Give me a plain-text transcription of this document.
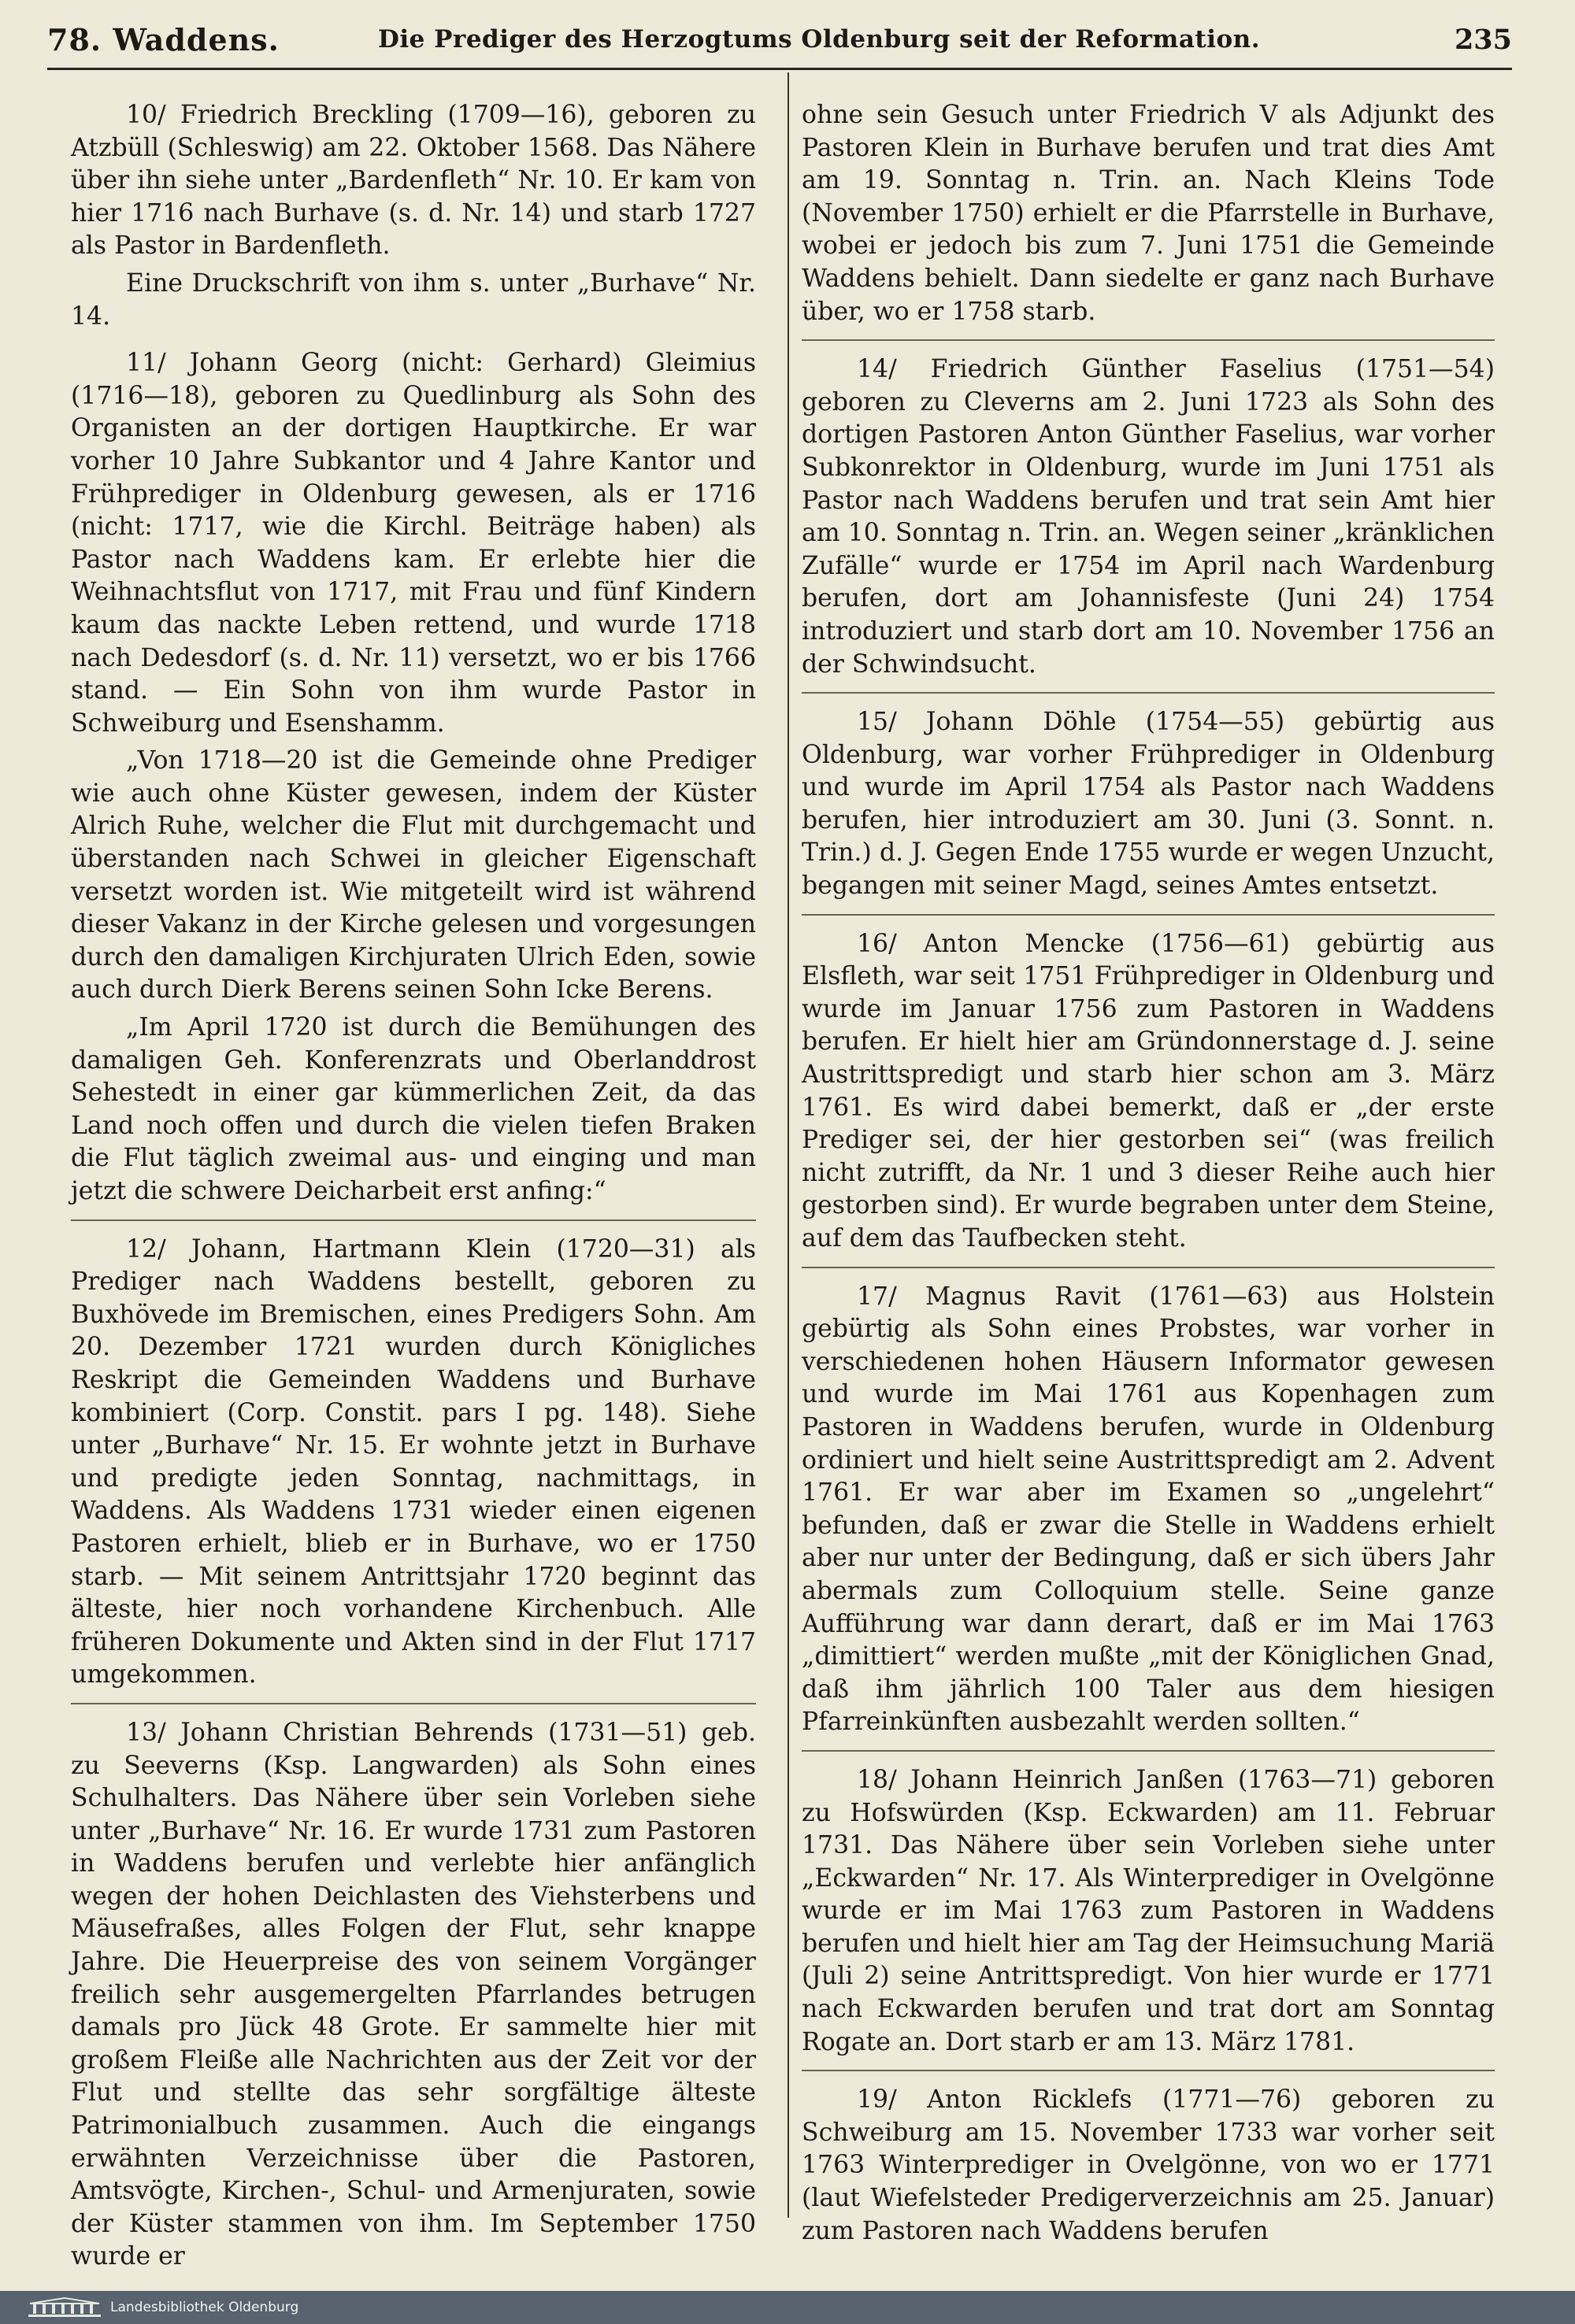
78. Waddens.	Die Prediger des Herzogtums Oldenburg seit der Reformation.	235

10/ Friedrich Breckling (1709—16), geboren zu Atzbüll (Schleswig) am 22. Oktober 1568. Das Nähere über ihn siehe unter „Bardenfleth“ Nr. 10. Er kam von hier 1716 nach Burhave (s. d. Nr. 14) und starb 1727 als Pastor in Bardenfleth.

Eine Druckschrift von ihm s. unter „Burhave“ Nr. 14.

11/ Johann Georg (nicht: Gerhard) Gleimius (1716—18), geboren zu Quedlinburg als Sohn des Organisten an der dortigen Hauptkirche. Er war vorher 10 Jahre Subkantor und 4 Jahre Kantor und Frühprediger in Oldenburg gewesen, als er 1716 (nicht: 1717, wie die Kirchl. Beiträge haben) als Pastor nach Waddens kam. Er erlebte hier die Weihnachtsflut von 1717, mit Frau und fünf Kindern kaum das nackte Leben rettend, und wurde 1718 nach Dedesdorf (s. d. Nr. 11) versetzt, wo er bis 1766 stand. — Ein Sohn von ihm wurde Pastor in Schweiburg und Esenshamm.

„Von 1718—20 ist die Gemeinde ohne Prediger wie auch ohne Küster gewesen, indem der Küster Alrich Ruhe, welcher die Flut mit durchgemacht und überstanden nach Schwei in gleicher Eigenschaft versetzt worden ist. Wie mitgeteilt wird ist während dieser Vakanz in der Kirche gelesen und vorgesungen durch den damaligen Kirchjuraten Ulrich Eden, sowie auch durch Dierk Berens seinen Sohn Icke Berens.

„Im April 1720 ist durch die Bemühungen des damaligen Geh. Konferenzrats und Oberlanddrost Sehestedt in einer gar kümmerlichen Zeit, da das Land noch offen und durch die vielen tiefen Braken die Flut täglich zweimal aus- und einging und man jetzt die schwere Deicharbeit erst anfing:“

12/ Johann, Hartmann Klein (1720—31) als Prediger nach Waddens bestellt, geboren zu Buxhövede im Bremischen, eines Predigers Sohn. Am 20. Dezember 1721 wurden durch Königliches Reskript die Gemeinden Waddens und Burhave kombiniert (Corp. Constit. pars I pg. 148). Siehe unter „Burhave“ Nr. 15. Er wohnte jetzt in Burhave und predigte jeden Sonntag, nachmittags, in Waddens. Als Waddens 1731 wieder einen eigenen Pastoren erhielt, blieb er in Burhave, wo er 1750 starb. — Mit seinem Antrittsjahr 1720 beginnt das älteste, hier noch vorhandene Kirchenbuch. Alle früheren Dokumente und Akten sind in der Flut 1717 umgekommen.

13/ Johann Christian Behrends (1731—51) geb. zu Seeverns (Ksp. Langwarden) als Sohn eines Schulhalters. Das Nähere über sein Vorleben siehe unter „Burhave“ Nr. 16. Er wurde 1731 zum Pastoren in Waddens berufen und verlebte hier anfänglich wegen der hohen Deichlasten des Viehsterbens und Mäusefraßes, alles Folgen der Flut, sehr knappe Jahre. Die Heuerpreise des von seinem Vorgänger freilich sehr ausgemergelten Pfarrlandes betrugen damals pro Jück 48 Grote. Er sammelte hier mit großem Fleiße alle Nachrichten aus der Zeit vor der Flut und stellte das sehr sorgfältige älteste Patrimonialbuch zusammen. Auch die eingangs erwähnten Verzeichnisse über die Pastoren, Amtsvögte, Kirchen-, Schul- und Armenjuraten, sowie der Küster stammen von ihm. Im September 1750 wurde er

ohne sein Gesuch unter Friedrich V als Adjunkt des Pastoren Klein in Burhave berufen und trat dies Amt am 19. Sonntag n. Trin. an. Nach Kleins Tode (November 1750) erhielt er die Pfarrstelle in Burhave, wobei er jedoch bis zum 7. Juni 1751 die Gemeinde Waddens behielt. Dann siedelte er ganz nach Burhave über, wo er 1758 starb.

14/ Friedrich Günther Faselius (1751—54) geboren zu Cleverns am 2. Juni 1723 als Sohn des dortigen Pastoren Anton Günther Faselius, war vorher Subkonrektor in Oldenburg, wurde im Juni 1751 als Pastor nach Waddens berufen und trat sein Amt hier am 10. Sonntag n. Trin. an. Wegen seiner „kränklichen Zufälle“ wurde er 1754 im April nach Wardenburg berufen, dort am Johannisfeste (Juni 24) 1754 introduziert und starb dort am 10. November 1756 an der Schwindsucht.

15/ Johann Döhle (1754—55) gebürtig aus Oldenburg, war vorher Frühprediger in Oldenburg und wurde im April 1754 als Pastor nach Waddens berufen, hier introduziert am 30. Juni (3. Sonnt. n. Trin.) d. J. Gegen Ende 1755 wurde er wegen Unzucht, begangen mit seiner Magd, seines Amtes entsetzt.

16/ Anton Mencke (1756—61) gebürtig aus Elsfleth, war seit 1751 Frühprediger in Oldenburg und wurde im Januar 1756 zum Pastoren in Waddens berufen. Er hielt hier am Gründonnerstage d. J. seine Austrittspredigt und starb hier schon am 3. März 1761. Es wird dabei bemerkt, daß er „der erste Prediger sei, der hier gestorben sei“ (was freilich nicht zutrifft, da Nr. 1 und 3 dieser Reihe auch hier gestorben sind). Er wurde begraben unter dem Steine, auf dem das Taufbecken steht.

17/ Magnus Ravit (1761—63) aus Holstein gebürtig als Sohn eines Probstes, war vorher in verschiedenen hohen Häusern Informator gewesen und wurde im Mai 1761 aus Kopenhagen zum Pastoren in Waddens berufen, wurde in Oldenburg ordiniert und hielt seine Austrittspredigt am 2. Advent 1761. Er war aber im Examen so „ungelehrt“ befunden, daß er zwar die Stelle in Waddens erhielt aber nur unter der Bedingung, daß er sich übers Jahr abermals zum Colloquium stelle. Seine ganze Aufführung war dann derart, daß er im Mai 1763 „dimittiert“ werden mußte „mit der Königlichen Gnad, daß ihm jährlich 100 Taler aus dem hiesigen Pfarreinkünften ausbezahlt werden sollten.“

18/ Johann Heinrich Janßen (1763—71) geboren zu Hofswürden (Ksp. Eckwarden) am 11. Februar 1731. Das Nähere über sein Vorleben siehe unter „Eckwarden“ Nr. 17. Als Winterprediger in Ovelgönne wurde er im Mai 1763 zum Pastoren in Waddens berufen und hielt hier am Tag der Heimsuchung Mariä (Juli 2) seine Antrittspredigt. Von hier wurde er 1771 nach Eckwarden berufen und trat dort am Sonntag Rogate an. Dort starb er am 13. März 1781.

19/ Anton Ricklefs (1771—76) geboren zu Schweiburg am 15. November 1733 war vorher seit 1763 Winterprediger in Ovelgönne, von wo er 1771 (laut Wiefelsteder Predigerverzeichnis am 25. Januar) zum Pastoren nach Waddens berufen

Landesbibliothek Oldenburg
